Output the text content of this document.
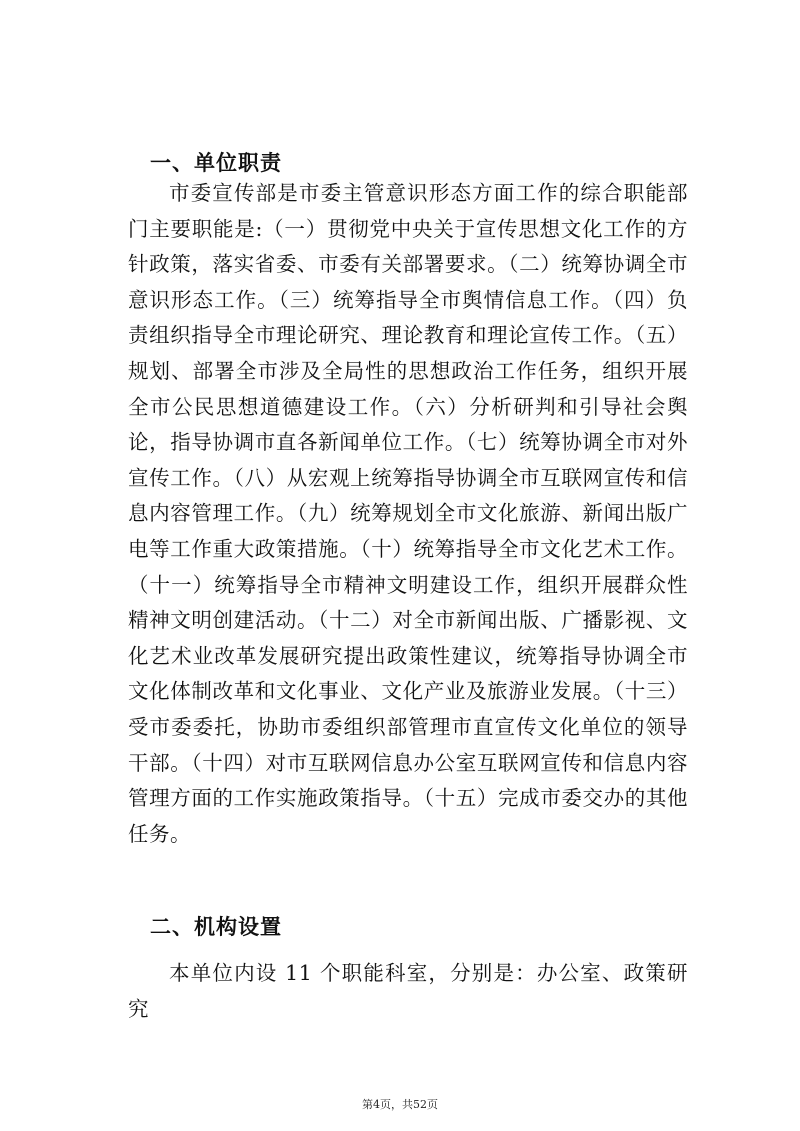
一、单位职责
市委宣传部是市委主管意识形态方面工作的综合职能部门主要职能是:（一）贯彻党中央关于宣传思想文化工作的方针政策，落实省委、市委有关部署要求。（二）统筹协调全市意识形态工作。（三）统筹指导全市舆情信息工作。（四）负责组织指导全市理论研究、理论教育和理论宣传工作。（五）规划、部署全市涉及全局性的思想政治工作任务，组织开展全市公民思想道德建设工作。（六）分析研判和引导社会舆论，指导协调市直各新闻单位工作。（七）统筹协调全市对外宣传工作。（八）从宏观上统筹指导协调全市互联网宣传和信息内容管理工作。（九）统筹规划全市文化旅游、新闻出版广电等工作重大政策措施。（十）统筹指导全市文化艺术工作。（十一）统筹指导全市精神文明建设工作，组织开展群众性精神文明创建活动。（十二）对全市新闻出版、广播影视、文化艺术业改革发展研究提出政策性建议，统筹指导协调全市文化体制改革和文化事业、文化产业及旅游业发展。（十三）受市委委托，协助市委组织部管理市直宣传文化单位的领导干部。（十四）对市互联网信息办公室互联网宣传和信息内容管理方面的工作实施政策指导。（十五）完成市委交办的其他任务。
二、机构设置
本单位内设 11 个职能科室，分别是：办公室、政策研究
第4页，共52页
